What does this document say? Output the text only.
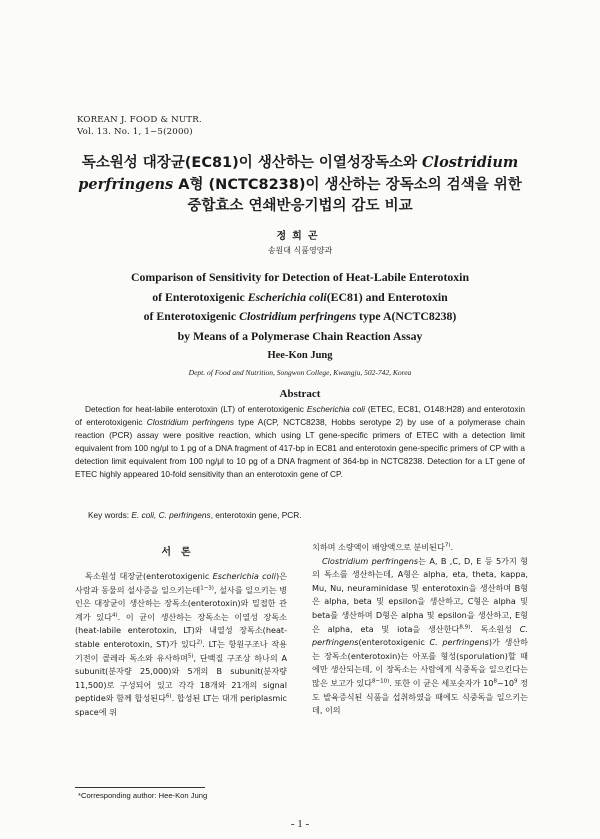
KOREAN J. FOOD & NUTR.
Vol. 13. No. 1, 1~5(2000)
독소원성 대장균(EC81)이 생산하는 이열성장독소와 Clostridium
perfringens A형 (NCTC8238)이 생산하는 장독소의 검색을 위한
중합효소 연쇄반응기법의 감도 비교
정희곤
송원대 식품영양과
Comparison of Sensitivity for Detection of Heat-Labile Enterotoxin
of Enterotoxigenic Escherichia coli(EC81) and Enterotoxin
of Enterotoxigenic Clostridium perfringens type A(NCTC8238)
by Means of a Polymerase Chain Reaction Assay
Hee-Kon Jung
Dept. of Food and Nutrition, Songwon College, Kwangju, 502-742, Korea
Abstract

Detection for heat-labile enterotoxin (LT) of enterotoxigenic Escherichia coli (ETEC, EC81, O148:H28) and enterotoxin of enterotoxigenic Clostridium perfringens type A(CP, NCTC8238, Hobbs serotype 2) by use of a polymerase chain reaction (PCR) assay were positive reaction, which using LT gene-specific primers of ETEC with a detection limit equivalent from 100 ng/μl to 1 pg of a DNA fragment of 417-bp in EC81 and enterotoxin gene-specific primers of CP with a detection limit equivalent from 100 ng/μl to 10 pg of a DNA fragment of 364-bp in NCTC8238. Detection for a LT gene of ETEC highly appeared 10-fold sensitivity than an enterotoxin gene of CP.

Key words: E. coli, C. perfringens, enterotoxin gene, PCR.
서론

독소원성 대장균(enterotoxigenic Escherichia coli)은 사람과 동물의 설사증을 일으키는데$^{1\sim 3)}$, 설사를 일으키는 병인은 대장균이 생산하는 장독소(enterotoxin)와 밀접한 관계가 있다$^{4)}$. 이 균이 생산하는 장독소는 이열성 장독소(heat-labile enterotoxin, LT)와 내열성 장독소(heat-stable enterotoxin, ST)가 있다$^{2)}$. LT는 항원구조나 작용기전이 콜레라 독소와 유사하며$^{5)}$, 단백질 구조상 하나의 A subunit(분자량 25,000)와 5개의 B subunit(분자량 11,500)로 구성되어 있고 각각 18개와 21개의 signal peptide와 함께 합성된다$^{6)}$. 합성된 LT는 대개 periplasmic space에 위

치하며 소량액이 배양액으로 분비된다$^{7)}$.

Clostridium perfringens는 A, B ,C, D, E 등 5가지 형의 독소를 생산하는데, A형은 alpha, eta, theta, kappa, Mu, Nu, neuraminidase 및 enterotoxin을 생산하며 B형은 alpha, beta 및 epsilon을 생산하고, C형은 alpha 및 beta를 생산하며 D형은 alpha 및 epsilon을 생산하고, E형은 alpha, eta 및 iota을 생산한다$^{8,9)}$. 독소원성 C. perfringens(enterotoxigenic C. perfringens)가 생산하는 장독소(enterotoxin)는 아포를 형성(sporulation)할 때에만 생산되는데, 이 장독소는 사람에게 식중독을 일으킨다는 많은 보고가 있다$^{8\sim 10)}$. 또한 이 균은 세포숫자가 $10^8\sim 10^9$ 정도 발육증식된 식품을 섭취하였을 때에도 식중독을 일으키는데, 이의

*Corresponding author: Hee-Kon Jung
- 1 -
